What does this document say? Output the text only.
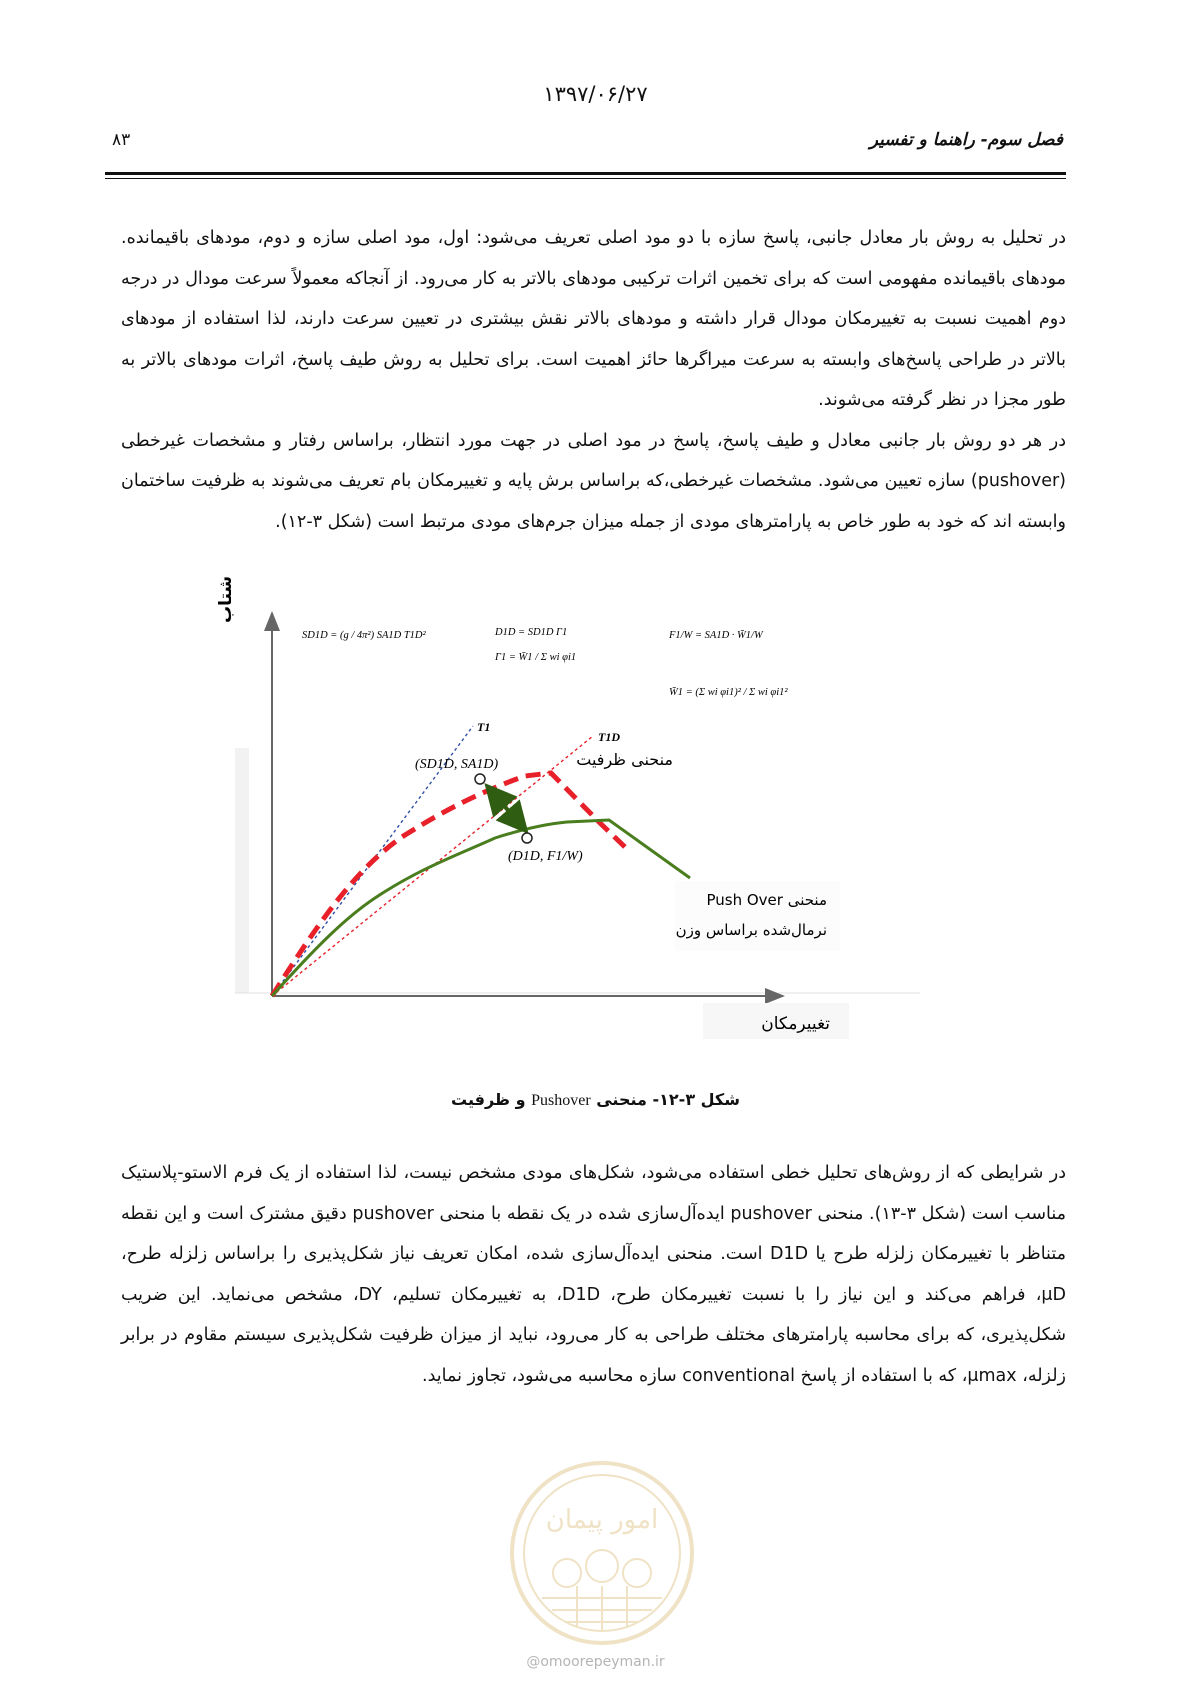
۱۳۹۷/۰۶/۲۷
فصل سوم- راهنما و تفسیر
۸۳

در تحلیل به روش بار معادل جانبی، پاسخ سازه با دو مود اصلی تعریف می‌شود: اول، مود اصلی سازه و دوم، مودهای باقیمانده. مودهای باقیمانده مفهومی است که برای تخمین اثرات ترکیبی مودهای بالاتر به کار می‌رود. از آنجاکه معمولاً سرعت مودال در درجه دوم اهمیت نسبت به تغییرمکان مودال قرار داشته و مودهای بالاتر نقش بیشتری در تعیین سرعت دارند، لذا استفاده از مودهای بالاتر در طراحی پاسخ‌های وابسته به سرعت میراگرها حائز اهمیت است. برای تحلیل به روش طیف پاسخ، اثرات مودهای بالاتر به طور مجزا در نظر گرفته می‌شوند.

در هر دو روش بار جانبی معادل و طیف پاسخ، پاسخ در مود اصلی در جهت مورد انتظار، براساس رفتار و مشخصات غیرخطی (pushover) سازه تعیین می‌شود. مشخصات غیرخطی،که براساس برش پایه و تغییرمکان بام تعریف می‌شوند به ظرفیت ساختمان وابسته اند که خود به طور خاص به پارامترهای مودی از جمله میزان جرم‌های مودی مرتبط است (شکل ۳-۱۲).

شتاب
تغییرمکان
T1
T1D
(SD1D, SA1D)
(D1D, F1/W)
منحنی ظرفیت
منحنی Push Over
نرمال‌شده براساس وزن
SD1D = (g / 4π²) SA1D T1D²	D1D = SD1D Γ1
Γ1 = W̄1 / Σ wi φi1
F1/W = SA1D · W̄1/W
W̄1 = (Σ wi φi1)² / Σ wi φi1²
شکل ۳-۱۲- منحنی Pushover و ظرفیت

در شرایطی که از روش‌های تحلیل خطی استفاده می‌شود، شکل‌های مودی مشخص نیست، لذا استفاده از یک فرم الاستو-پلاستیک مناسب است (شکل ۳-۱۳). منحنی pushover ایده‌آل‌سازی شده در یک نقطه با منحنی pushover دقیق مشترک است و این نقطه متناظر با تغییرمکان زلزله طرح یا D1D است. منحنی ایده‌آل‌سازی شده، امکان تعریف نیاز شکل‌پذیری را براساس زلزله طرح، μD، فراهم می‌کند و این نیاز را با نسبت تغییرمکان طرح، D1D، به تغییرمکان تسلیم، DY، مشخص می‌نماید. این ضریب شکل‌پذیری، که برای محاسبه پارامترهای مختلف طراحی به کار می‌رود، نباید از میزان ظرفیت شکل‌پذیری سیستم مقاوم در برابر زلزله، μmax، که با استفاده از پاسخ conventional سازه محاسبه می‌شود، تجاوز نماید.

امور پیمان
@omoorepeyman.ir
